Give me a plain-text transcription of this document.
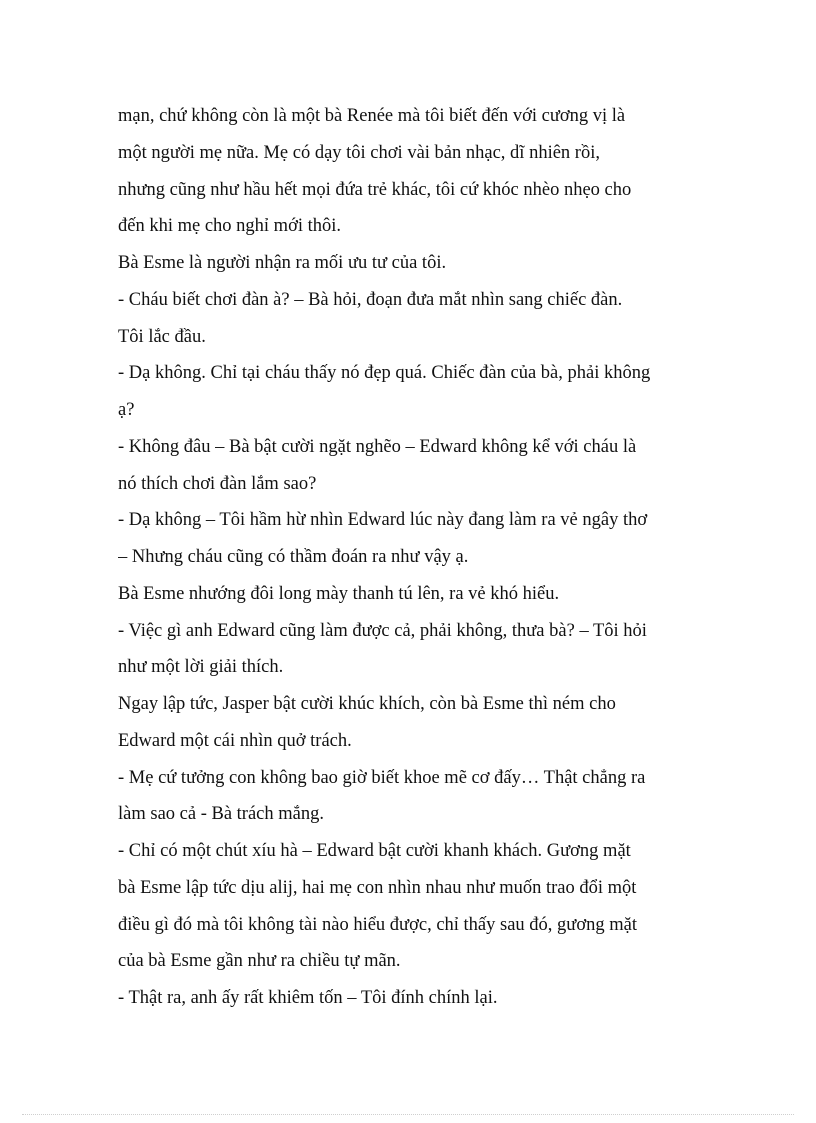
mạn, chứ không còn là một bà Renée mà tôi biết đến với cương vị là
một người mẹ nữa. Mẹ có dạy tôi chơi vài bản nhạc, dĩ nhiên rồi,
nhưng cũng như hầu hết mọi đứa trẻ khác, tôi cứ khóc nhèo nhẹo cho
đến khi mẹ cho nghỉ mới thôi.
Bà Esme là người nhận ra mối ưu tư của tôi.
- Cháu biết chơi đàn à? – Bà hỏi, đoạn đưa mắt nhìn sang chiếc đàn.
Tôi lắc đầu.
- Dạ không. Chỉ tại cháu thấy nó đẹp quá. Chiếc đàn của bà, phải không
ạ?
- Không đâu – Bà bật cười ngặt nghẽo – Edward không kể với cháu là
nó thích chơi đàn lắm sao?
- Dạ không – Tôi hầm hừ nhìn Edward lúc này đang làm ra vẻ ngây thơ
– Nhưng cháu cũng có thầm đoán ra như vậy ạ.
Bà Esme nhướng đôi long mày thanh tú lên, ra vẻ khó hiểu.
- Việc gì anh Edward cũng làm được cả, phải không, thưa bà? – Tôi hỏi
như một lời giải thích.
Ngay lập tức, Jasper bật cười khúc khích, còn bà Esme thì ném cho
Edward một cái nhìn quở trách.
- Mẹ cứ tưởng con không bao giờ biết khoe mẽ cơ đấy… Thật chẳng ra
làm sao cả - Bà trách mắng.
- Chỉ có một chút xíu hà – Edward bật cười khanh khách. Gương mặt
bà Esme lập tức dịu alij, hai mẹ con nhìn nhau như muốn trao đổi một
điều gì đó mà tôi không tài nào hiểu được, chỉ thấy sau đó, gương mặt
của bà Esme gần như ra chiều tự mãn.
- Thật ra, anh ấy rất khiêm tốn – Tôi đính chính lại.
